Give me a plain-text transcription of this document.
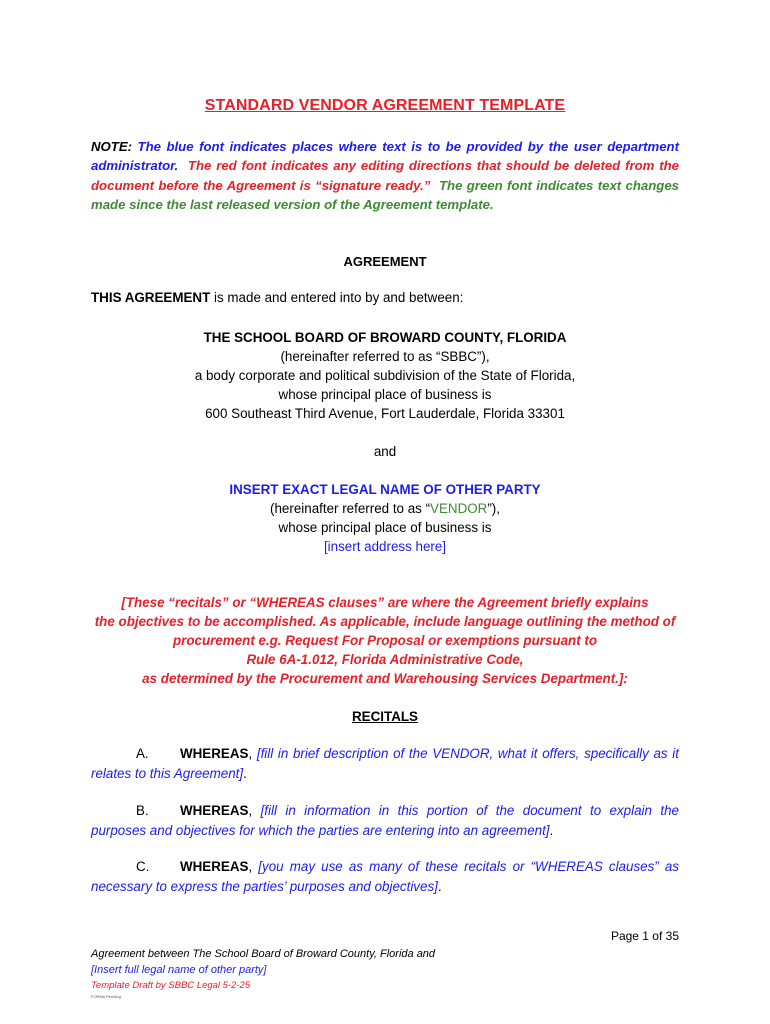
STANDARD VENDOR AGREEMENT TEMPLATE
NOTE: The blue font indicates places where text is to be provided by the user department administrator. The red font indicates any editing directions that should be deleted from the document before the Agreement is “signature ready.” The green font indicates text changes made since the last released version of the Agreement template.
AGREEMENT
THIS AGREEMENT is made and entered into by and between:
THE SCHOOL BOARD OF BROWARD COUNTY, FLORIDA
(hereinafter referred to as “SBBC”),
a body corporate and political subdivision of the State of Florida,
whose principal place of business is
600 Southeast Third Avenue, Fort Lauderdale, Florida 33301
and
INSERT EXACT LEGAL NAME OF OTHER PARTY
(hereinafter referred to as “VENDOR”),
whose principal place of business is
[insert address here]
[These “recitals” or “WHEREAS clauses” are where the Agreement briefly explains
the objectives to be accomplished. As applicable, include language outlining the method of
procurement e.g. Request For Proposal or exemptions pursuant to
Rule 6A-1.012, Florida Administrative Code,
as determined by the Procurement and Warehousing Services Department.]:
RECITALS
A. WHEREAS, [fill in brief description of the VENDOR, what it offers, specifically as it relates to this Agreement].
B. WHEREAS, [fill in information in this portion of the document to explain the purposes and objectives for which the parties are entering into an agreement].
C. WHEREAS, [you may use as many of these recitals or “WHEREAS clauses” as necessary to express the parties’ purposes and objectives].
Page 1 of 35
Agreement between The School Board of Broward County, Florida and
[Insert full legal name of other party]
Template Draft by SBBC Legal 5-2-25
FORM# Pending
